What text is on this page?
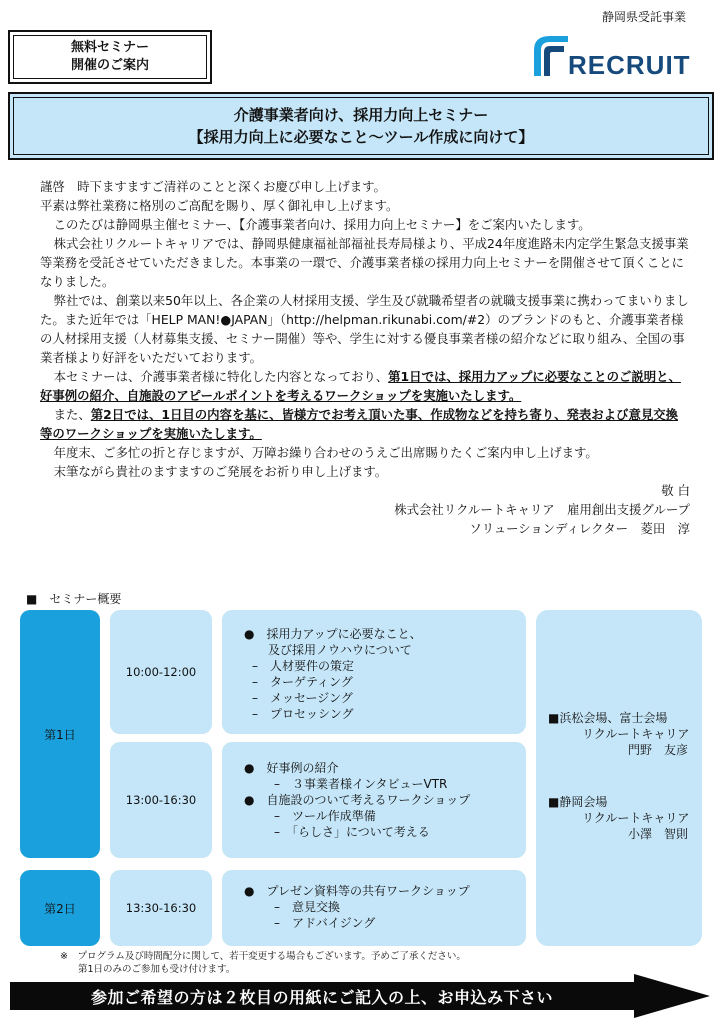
静岡県受託事業
無料セミナー
開催のご案内	RECRUIT
介護事業者向け、採用力向上セミナー
【採用力向上に必要なこと～ツール作成に向けて】

謹啓　時下ますますご清祥のことと深くお慶び申し上げます。

平素は弊社業務に格別のご高配を賜り、厚く御礼申し上げます。

このたびは静岡県主催セミナー、【介護事業者向け、採用力向上セミナー】をご案内いたします。

株式会社リクルートキャリアでは、静岡県健康福祉部福祉長寿局様より、平成24年度進路未内定学生緊急支援事業等業務を受託させていただきました。本事業の一環で、介護事業者様の採用力向上セミナーを開催させて頂くことになりました。

弊社では、創業以来50年以上、各企業の人材採用支援、学生及び就職希望者の就職支援事業に携わってまいりました。また近年では「HELP MAN!●JAPAN」（http://helpman.rikunabi.com/#2）のブランドのもと、介護事業者様の人材採用支援（人材募集支援、セミナー開催）等や、学生に対する優良事業者様の紹介などに取り組み、全国の事業者様より好評をいただいております。

本セミナーは、介護事業者様に特化した内容となっており、第1日では、採用力アップに必要なことのご説明と、好事例の紹介、自施設のアピールポイントを考えるワークショップを実施いたします。

また、第2日では、1日目の内容を基に、皆様方でお考え頂いた事、作成物などを持ち寄り、発表および意見交換等のワークショップを実施いたします。

年度末、ご多忙の折と存じますが、万障お繰り合わせのうえご出席賜りたくご案内申し上げます。

末筆ながら貴社のますますのご発展をお祈り申し上げます。

敬 白

株式会社リクルートキャリア　雇用創出支援グループ

ソリューションディレクター　菱田　淳

■　セミナー概要
第1日
第2日
10:00-12:00
13:00-16:30
13:30-16:30
●　採用力アップに必要なこと、
及び採用ノウハウについて
–　人材要件の策定
–　ターゲティング
–　メッセージング
–　プロセッシング
●　好事例の紹介
–　３事業者様インタビューVTR
●　自施設のついて考えるワークショップ
–　ツール作成準備
–　「らしさ」について考える
●　プレゼン資料等の共有ワークショップ
–　意見交換
–　アドバイジング
■浜松会場、富士会場
リクルートキャリア
門野　友彦
■静岡会場
リクルートキャリア
小澤　智則
※　プログラム及び時間配分に関して、若干変更する場合もございます。予めご了承ください。
第1日のみのご参加も受け付けます。
参加ご希望の方は２枚目の用紙にご記入の上、お申込み下さい
